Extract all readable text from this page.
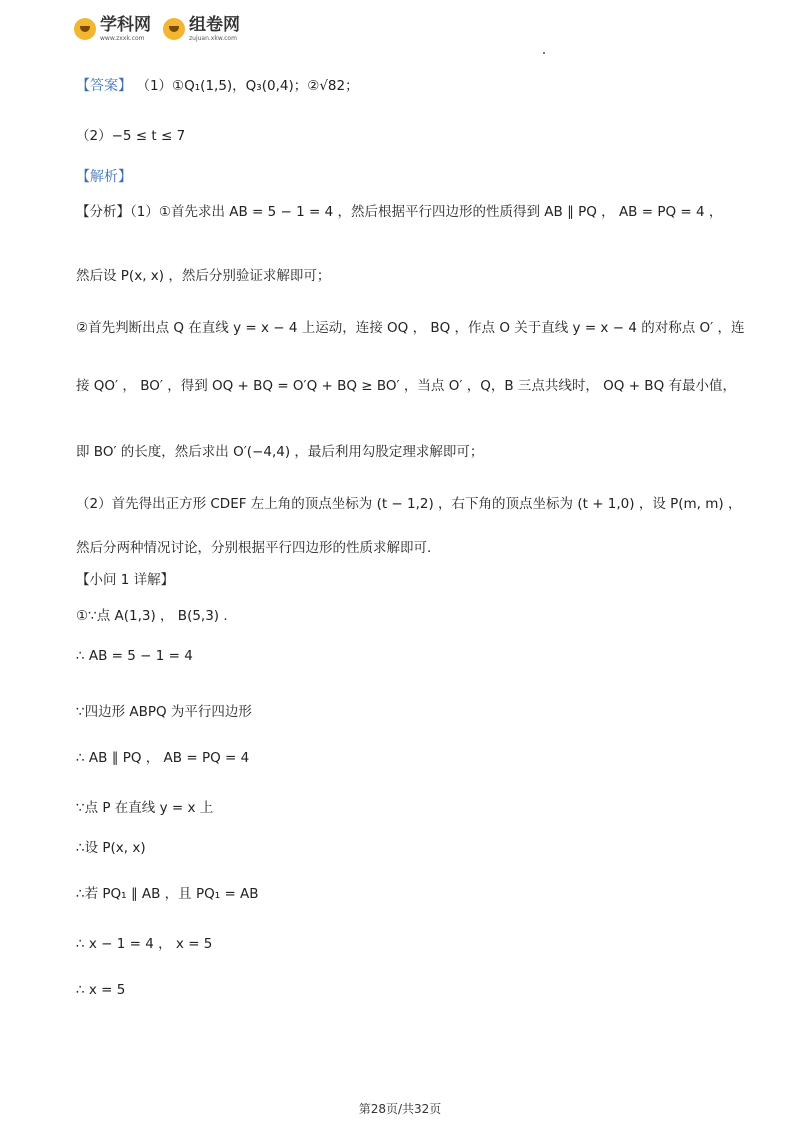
学科网
www.zxxk.com
组卷网
zujuan.xkw.com
【答案】 （1）①Q₁(1,5)，Q₃(0,4)；②√82；
（2）−5 ≤ t ≤ 7
【解析】
【分析】（1）①首先求出 AB = 5 − 1 = 4 ，然后根据平行四边形的性质得到 AB ∥ PQ ， AB = PQ = 4 ，
然后设 P(x, x) ，然后分别验证求解即可；
②首先判断出点 Q 在直线 y = x − 4 上运动，连接 OQ ， BQ ，作点 O 关于直线 y = x − 4 的对称点 O′ ，连
接 QO′ ， BO′ ，得到 OQ + BQ = O′Q + BQ ≥ BO′ ，当点 O′ ，Q，B 三点共线时， OQ + BQ 有最小值，
即 BO′ 的长度，然后求出 O′(−4,4) ，最后利用勾股定理求解即可；
（2）首先得出正方形 CDEF 左上角的顶点坐标为 (t − 1,2) ，右下角的顶点坐标为 (t + 1,0) ，设 P(m, m) ，
然后分两种情况讨论，分别根据平行四边形的性质求解即可.
【小问 1 详解】
①∵点 A(1,3) ， B(5,3) .
∴ AB = 5 − 1 = 4
∵四边形 ABPQ 为平行四边形
∴ AB ∥ PQ ， AB = PQ = 4
∵点 P 在直线 y = x 上
∴设 P(x, x)
∴若 PQ₁ ∥ AB ，且 PQ₁ = AB
∴ x − 1 = 4 ， x = 5
∴ x = 5
第28页/共32页
